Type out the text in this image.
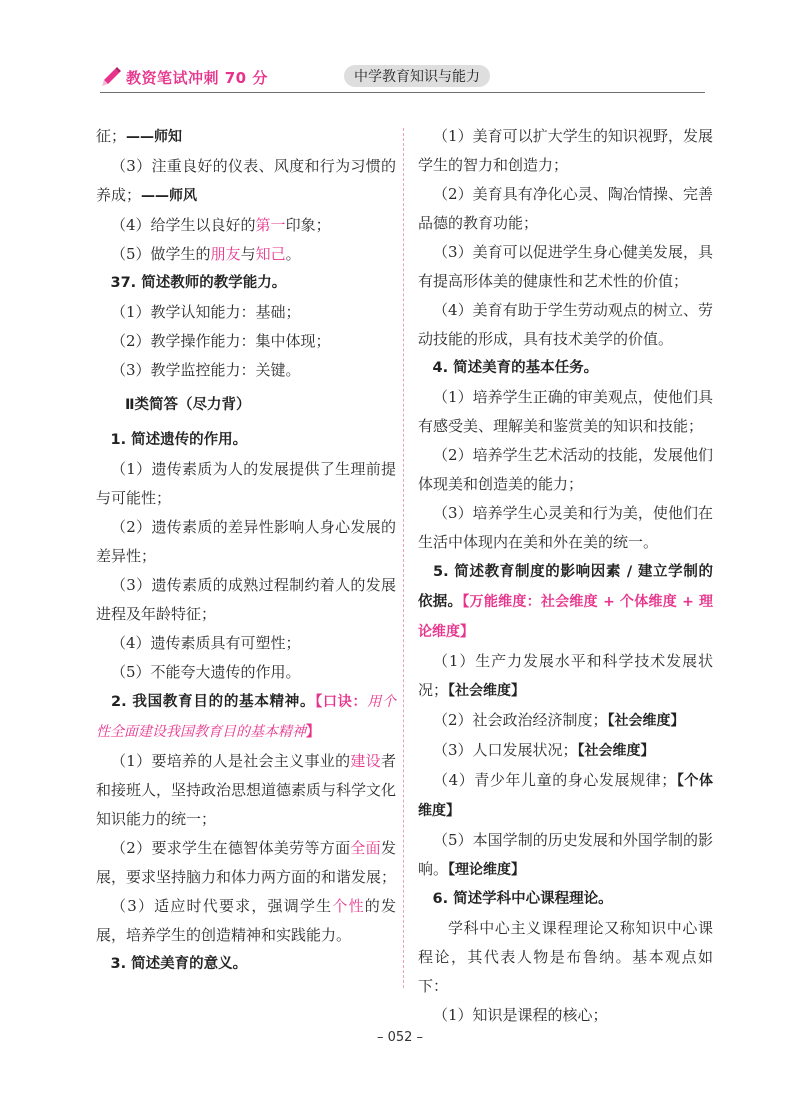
教资笔试冲刺 70 分	中学教育知识与能力

征；——师知

（3）注重良好的仪表、风度和行为习惯的养成；——师风

（4）给学生以良好的第一印象；

（5）做学生的朋友与知己。

37. 简述教师的教学能力。

（1）教学认知能力：基础；

（2）教学操作能力：集中体现；

（3）教学监控能力：关键。

Ⅱ类简答（尽力背）

1. 简述遗传的作用。

（1）遗传素质为人的发展提供了生理前提与可能性；

（2）遗传素质的差异性影响人身心发展的差异性；

（3）遗传素质的成熟过程制约着人的发展进程及年龄特征；

（4）遗传素质具有可塑性；

（5）不能夸大遗传的作用。

2. 我国教育目的的基本精神。【口诀：用个性全面建设我国教育目的基本精神】

（1）要培养的人是社会主义事业的建设者和接班人，坚持政治思想道德素质与科学文化知识能力的统一；

（2）要求学生在德智体美劳等方面全面发展，要求坚持脑力和体力两方面的和谐发展；

（3）适应时代要求，强调学生个性的发展，培养学生的创造精神和实践能力。

3. 简述美育的意义。

（1）美育可以扩大学生的知识视野，发展学生的智力和创造力；

（2）美育具有净化心灵、陶冶情操、完善品德的教育功能；

（3）美育可以促进学生身心健美发展，具有提高形体美的健康性和艺术性的价值；

（4）美育有助于学生劳动观点的树立、劳动技能的形成，具有技术美学的价值。

4. 简述美育的基本任务。

（1）培养学生正确的审美观点，使他们具有感受美、理解美和鉴赏美的知识和技能；

（2）培养学生艺术活动的技能，发展他们体现美和创造美的能力；

（3）培养学生心灵美和行为美，使他们在生活中体现内在美和外在美的统一。

5. 简述教育制度的影响因素 / 建立学制的依据。【万能维度：社会维度 + 个体维度 + 理论维度】

（1）生产力发展水平和科学技术发展状况；【社会维度】

（2）社会政治经济制度；【社会维度】

（3）人口发展状况；【社会维度】

（4）青少年儿童的身心发展规律；【个体维度】

（5）本国学制的历史发展和外国学制的影响。【理论维度】

6. 简述学科中心课程理论。

学科中心主义课程理论又称知识中心课程论，其代表人物是布鲁纳。基本观点如下：

（1）知识是课程的核心；

– 052 –
